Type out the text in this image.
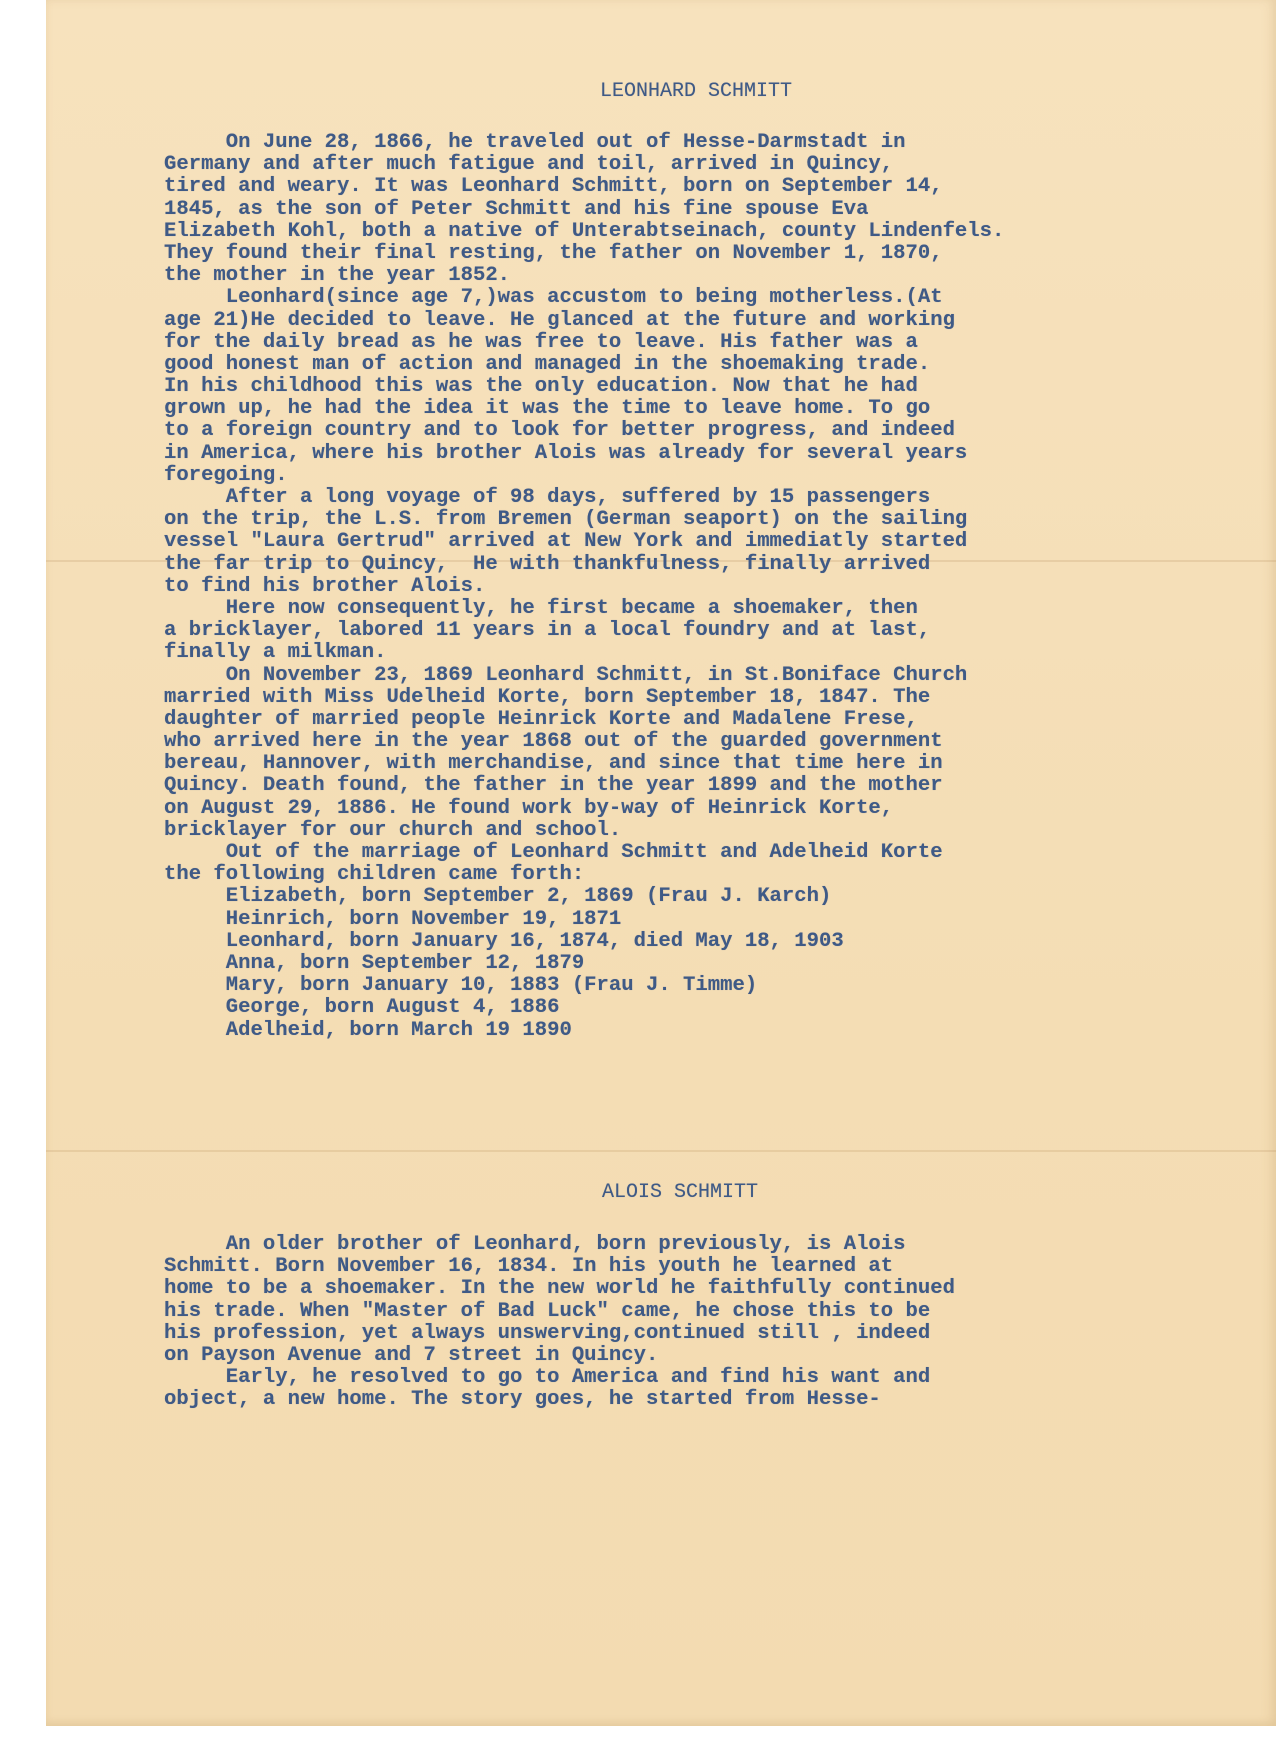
LEONHARD SCHMITT
On June 28, 1866, he traveled out of Hesse-Darmstadt in
Germany and after much fatigue and toil, arrived in Quincy,
tired and weary. It was Leonhard Schmitt, born on September 14,
1845, as the son of Peter Schmitt and his fine spouse Eva
Elizabeth Kohl, both a native of Unterabtseinach, county Lindenfels.
They found their final resting, the father on November 1, 1870,
the mother in the year 1852.
Leonhard(since age 7,)was accustom to being motherless.(At
age 21)He decided to leave. He glanced at the future and working
for the daily bread as he was free to leave. His father was a
good honest man of action and managed in the shoemaking trade.
In his childhood this was the only education. Now that he had
grown up, he had the idea it was the time to leave home. To go
to a foreign country and to look for better progress, and indeed
in America, where his brother Alois was already for several years
foregoing.
After a long voyage of 98 days, suffered by 15 passengers
on the trip, the L.S. from Bremen (German seaport) on the sailing
vessel "Laura Gertrud" arrived at New York and immediatly started
the far trip to Quincy,  He with thankfulness, finally arrived
to find his brother Alois.
Here now consequently, he first became a shoemaker, then
a bricklayer, labored 11 years in a local foundry and at last,
finally a milkman.
On November 23, 1869 Leonhard Schmitt, in St.Boniface Church
married with Miss Udelheid Korte, born September 18, 1847. The
daughter of married people Heinrick Korte and Madalene Frese,
who arrived here in the year 1868 out of the guarded government
bereau, Hannover, with merchandise, and since that time here in
Quincy. Death found, the father in the year 1899 and the mother
on August 29, 1886. He found work by-way of Heinrick Korte,
bricklayer for our church and school.
Out of the marriage of Leonhard Schmitt and Adelheid Korte
the following children came forth:
Elizabeth, born September 2, 1869 (Frau J. Karch)
Heinrich, born November 19, 1871
Leonhard, born January 16, 1874, died May 18, 1903
Anna, born September 12, 1879
Mary, born January 10, 1883 (Frau J. Timme)
George, born August 4, 1886
Adelheid, born March 19 1890
ALOIS SCHMITT
An older brother of Leonhard, born previously, is Alois
Schmitt. Born November 16, 1834. In his youth he learned at
home to be a shoemaker. In the new world he faithfully continued
his trade. When "Master of Bad Luck" came, he chose this to be
his profession, yet always unswerving,continued still , indeed
on Payson Avenue and 7 street in Quincy.
Early, he resolved to go to America and find his want and
object, a new home. The story goes, he started from Hesse-
